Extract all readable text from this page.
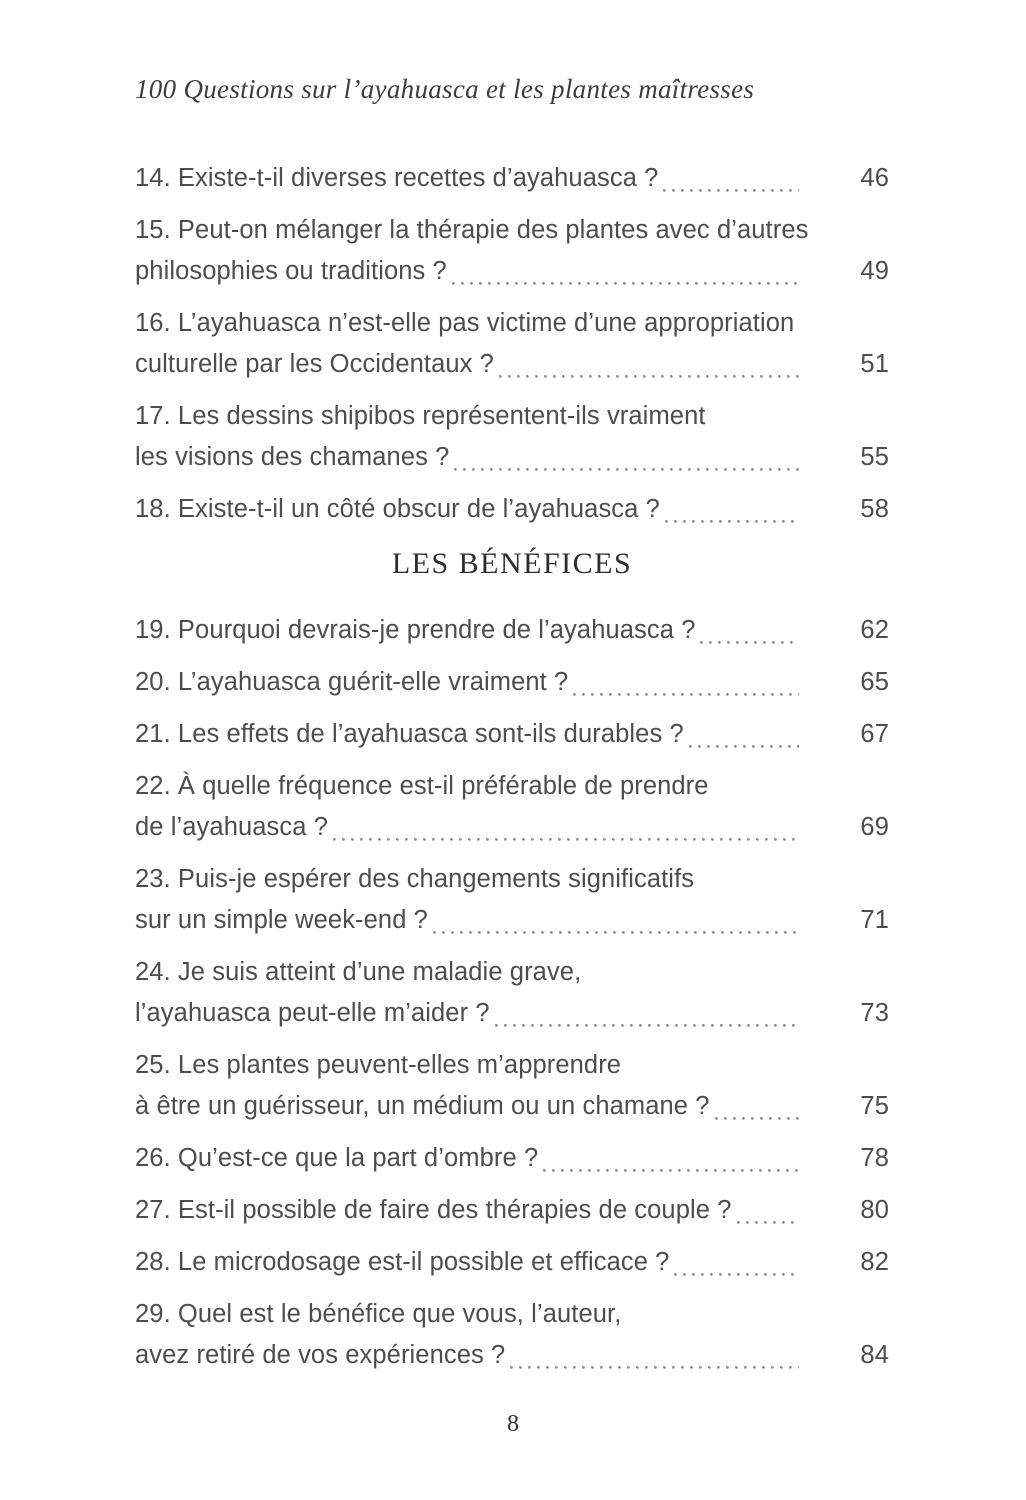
100 Questions sur l’ayahuasca et les plantes maîtresses
14. Existe-t-il diverses recettes d’ayahuasca ?	46
15. Peut-on mélanger la thérapie des plantes avec d’autres
philosophies ou traditions ?	49
16. L’ayahuasca n’est-elle pas victime d’une appropriation
culturelle par les Occidentaux ?	51
17. Les dessins shipibos représentent-ils vraiment
les visions des chamanes ?	55
18. Existe-t-il un côté obscur de l’ayahuasca ?	58
LES BÉNÉFICES
19. Pourquoi devrais-je prendre de l’ayahuasca ?	62
20. L’ayahuasca guérit-elle vraiment ?	65
21. Les effets de l’ayahuasca sont-ils durables ?	67
22. À quelle fréquence est-il préférable de prendre
de l’ayahuasca ?	69
23. Puis-je espérer des changements significatifs
sur un simple week-end ?	71
24. Je suis atteint d’une maladie grave,
l’ayahuasca peut-elle m’aider ?	73
25. Les plantes peuvent-elles m’apprendre
à être un guérisseur, un médium ou un chamane ?	75
26. Qu’est-ce que la part d’ombre ?	78
27. Est-il possible de faire des thérapies de couple ?	80
28. Le microdosage est-il possible et efficace ?	82
29. Quel est le bénéfice que vous, l’auteur,
avez retiré de vos expériences ?	84
8
